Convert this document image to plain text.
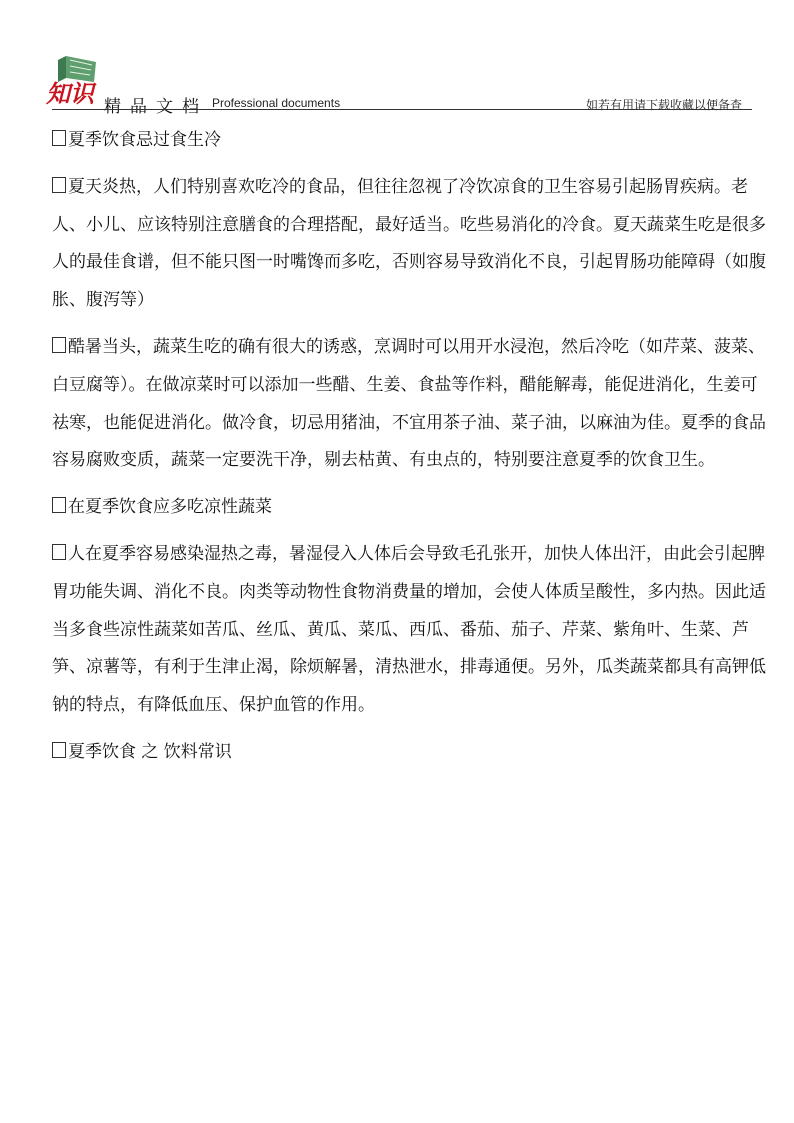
知识 精品文档 Professional documents	如若有用请下载收藏以便备查

夏季饮食忌过食生冷

夏天炎热，人们特别喜欢吃冷的食品，但往往忽视了冷饮凉食的卫生容易引起肠胃疾病。老人、小儿、应该特别注意膳食的合理搭配，最好适当。吃些易消化的冷食。夏天蔬菜生吃是很多人的最佳食谱，但不能只图一时嘴馋而多吃，否则容易导致消化不良，引起胃肠功能障碍（如腹胀、腹泻等）

酷暑当头，蔬菜生吃的确有很大的诱惑，烹调时可以用开水浸泡，然后冷吃（如芹菜、菠菜、白豆腐等）。在做凉菜时可以添加一些醋、生姜、食盐等作料，醋能解毒，能促进消化，生姜可祛寒，也能促进消化。做冷食，切忌用猪油，不宜用茶子油、菜子油，以麻油为佳。夏季的食品容易腐败变质，蔬菜一定要洗干净，剔去枯黄、有虫点的，特别要注意夏季的饮食卫生。

在夏季饮食应多吃凉性蔬菜

人在夏季容易感染湿热之毒，暑湿侵入人体后会导致毛孔张开，加快人体出汗，由此会引起脾胃功能失调、消化不良。肉类等动物性食物消费量的增加，会使人体质呈酸性，多内热。因此适当多食些凉性蔬菜如苦瓜、丝瓜、黄瓜、菜瓜、西瓜、番茄、茄子、芹菜、紫角叶、生菜、芦笋、凉薯等，有利于生津止渴，除烦解暑，清热泄水，排毒通便。另外，瓜类蔬菜都具有高钾低钠的特点，有降低血压、保护血管的作用。

夏季饮食 之 饮料常识
